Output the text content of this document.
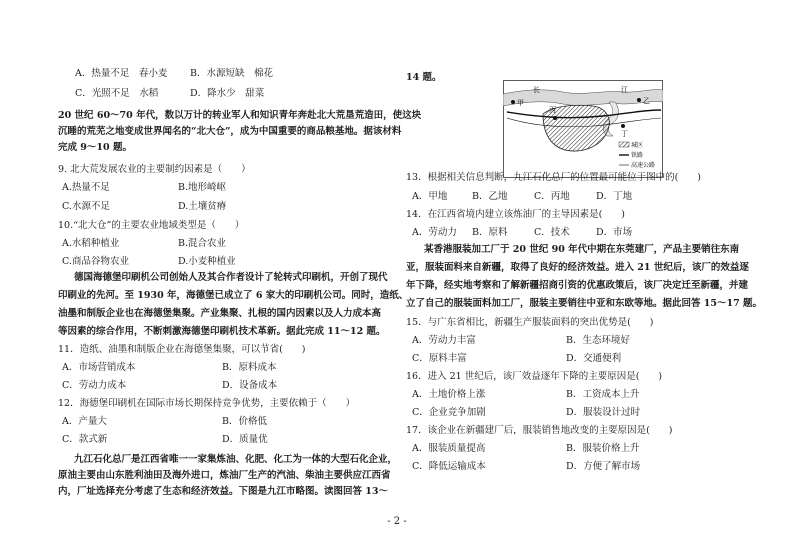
A．热量不足　春小麦 B．水源短缺　棉花
C．光照不足　水稻	D．降水少　甜菜
20 世纪 60～70 年代，数以万计的转业军人和知识青年奔赴北大荒垦荒造田，使这块
沉睡的荒芜之地变成世界闻名的“北大仓”，成为中国重要的商品粮基地。据该材料
完成 9～10 题。
9. 北大荒发展农业的主要制约因素是（　　）
A.热量不足	B.地形崎岖
C.水源不足	D.土壤贫瘠
10.“北大仓”的主要农业地域类型是（　　）
A.水稻种植业	B.混合农业
C.商品谷物农业	D.小麦种植业
德国海德堡印刷机公司创始人及其合作者设计了轮转式印刷机，开创了现代
印刷业的先河。至 1930 年，海德堡已成立了 6 家大的印刷机公司。同时，造纸、
油墨和制版企业也在海德堡集聚。产业集聚、扎根的国内因素以及人力成本高
等因素的综合作用，不断刺激海德堡印刷机技术革新。据此完成 11～12 题。
11．造纸、油墨和制版企业在海德堡集聚，可以节省(　　)
A．市场营销成本	B．原料成本
C．劳动力成本	D．设备成本
12．海德堡印刷机在国际市场长期保持竞争优势，主要依赖于（　　）
A．产量大	B．价格低
C．款式新	D．质量优
九江石化总厂是江西省唯一一家集炼油、化肥、化工为一体的大型石化企业，
原油主要由山东胜利油田及海外进口，炼油厂生产的汽油、柴油主要供应江西省
内，厂址选择充分考虑了生态和经济效益。下图是九江市略图。读图回答 13～
14 题。
长	江
甲	乙
丙
丁
城区
铁路
高速公路
13．根据相关信息判断，九江石化总厂的位置最可能位于图中的(　　)
A．甲地	B．乙地	C．丙地	D．丁地
14．在江西省境内建立该炼油厂的主导因素是(　　)
A．劳动力 B．原料	C．技术	D．市场
某香港服装加工厂于 20 世纪 90 年代中期在东莞建厂，产品主要销往东南
亚，服装面料来自新疆，取得了良好的经济效益。进入 21 世纪后，该厂的效益逐
年下降，经实地考察和了解新疆招商引资的优惠政策后，该厂决定迁至新疆，并建
立了自己的服装面料加工厂，服装主要销往中亚和东欧等地。据此回答 15～17 题。
15．与广东省相比，新疆生产服装面料的突出优势是(　　)
A．劳动力丰富	B．生态环境好
C．原料丰富	D．交通便利
16．进入 21 世纪后，该厂效益逐年下降的主要原因是(　　)
A．土地价格上涨	B．工资成本上升
C．企业竞争加剧	D．服装设计过时
17．该企业在新疆建厂后，服装销售地改变的主要原因是(　　)
A．服装质量提高	B．服装价格上升
C．降低运输成本	D．方便了解市场
- 2 -
